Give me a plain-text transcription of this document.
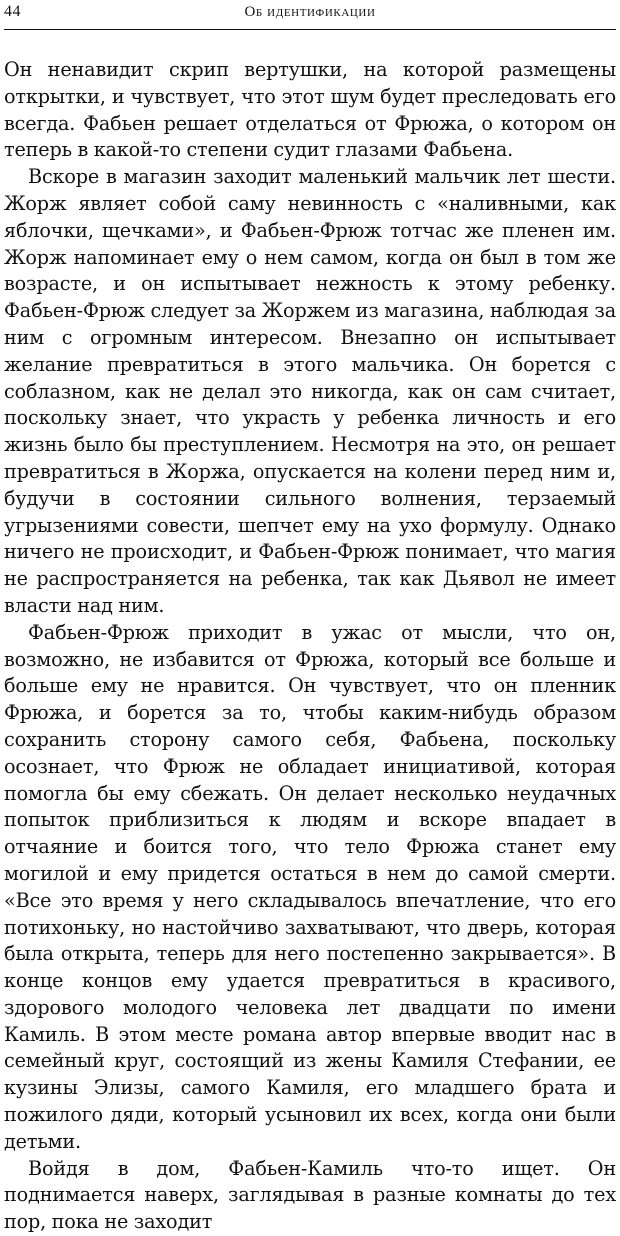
44	Об идентификации

Он ненавидит скрип вертушки, на которой размещены открытки, и чувствует, что этот шум будет преследовать его всегда. Фабьен решает отделаться от Фрюжа, о котором он теперь в какой-то степени судит глазами Фабьена.

Вскоре в магазин заходит маленький мальчик лет шести. Жорж являет собой саму невинность с «наливными, как яблочки, щечками», и Фабьен-Фрюж тотчас же пленен им. Жорж напоминает ему о нем самом, когда он был в том же возрасте, и он испытывает нежность к этому ребенку. Фабьен-Фрюж следует за Жоржем из магазина, наблюдая за ним с огромным интересом. Внезапно он испытывает желание превратиться в этого мальчика. Он борется с соблазном, как не делал это никогда, как он сам считает, поскольку знает, что украсть у ребенка личность и его жизнь было бы преступлением. Несмотря на это, он решает превратиться в Жоржа, опускается на колени перед ним и, будучи в состоянии сильного волнения, терзаемый угрызениями совести, шепчет ему на ухо формулу. Однако ничего не происходит, и Фабьен-Фрюж понимает, что магия не распространяется на ребенка, так как Дьявол не имеет власти над ним.

Фабьен-Фрюж приходит в ужас от мысли, что он, возможно, не избавится от Фрюжа, который все больше и больше ему не нравится. Он чувствует, что он пленник Фрюжа, и борется за то, чтобы каким-нибудь образом сохранить сторону самого себя, Фабьена, поскольку осознает, что Фрюж не обладает инициативой, которая помогла бы ему сбежать. Он делает несколько неудачных попыток приблизиться к людям и вскоре впадает в отчаяние и боится того, что тело Фрюжа станет ему могилой и ему придется остаться в нем до самой смерти. «Все это время у него складывалось впечатление, что его потихоньку, но настойчиво захватывают, что дверь, которая была открыта, теперь для него постепенно закрывается». В конце концов ему удается превратиться в красивого, здорового молодого человека лет двадцати по имени Камиль. В этом месте романа автор впервые вводит нас в семейный круг, состоящий из жены Камиля Стефании, ее кузины Элизы, самого Камиля, его младшего брата и пожилого дяди, который усыновил их всех, когда они были детьми.

Войдя в дом, Фабьен-Камиль что-то ищет. Он поднимается наверх, заглядывая в разные комнаты до тех пор, пока не заходит
